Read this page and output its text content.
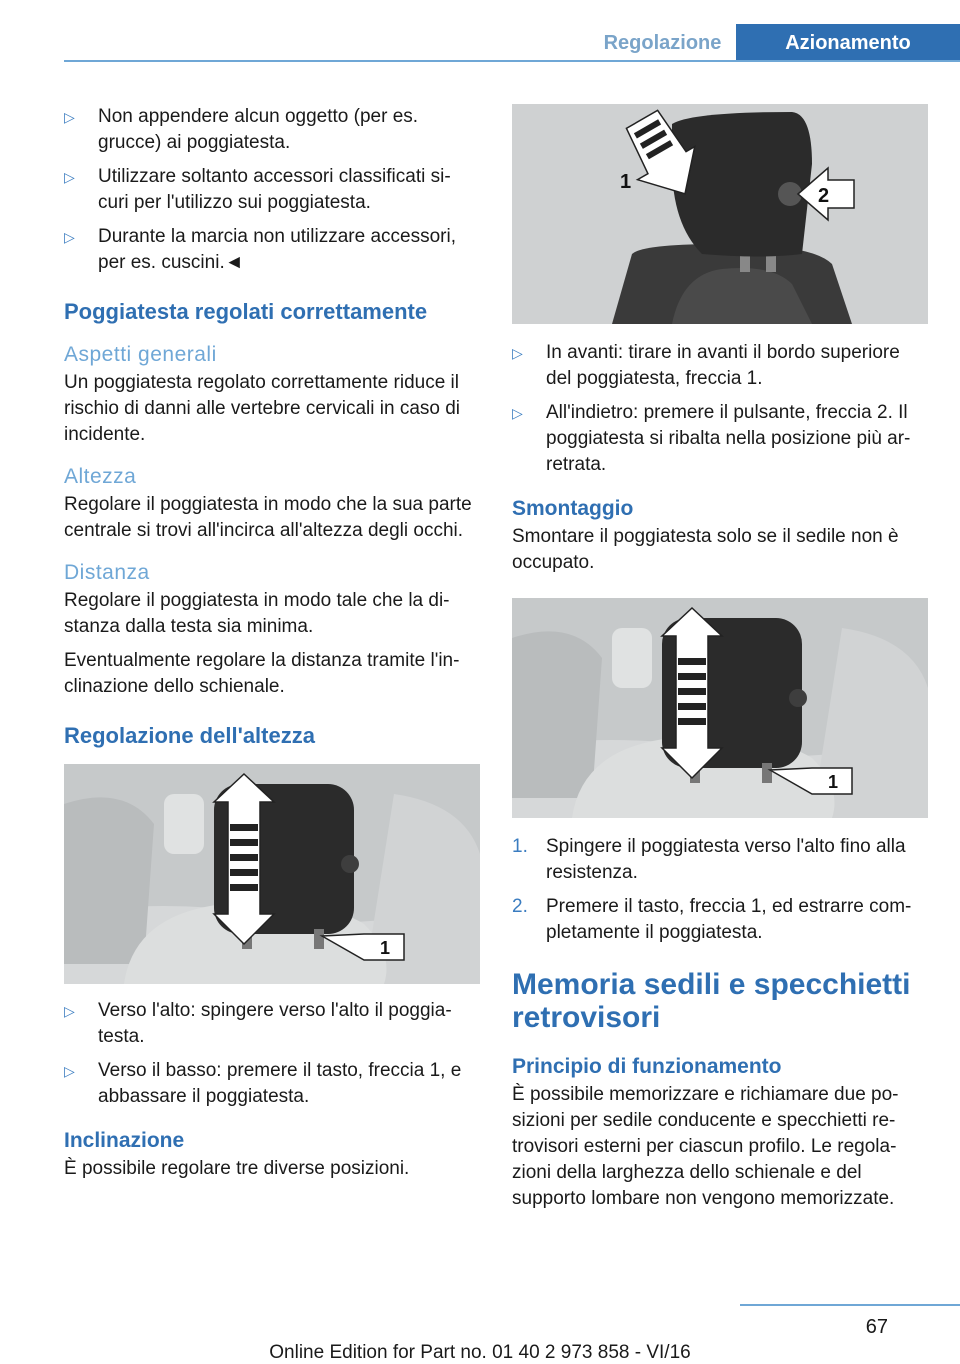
Regolazione	Azionamento
▷ Non appendere alcun oggetto (per es. grucce) ai poggiatesta.
▷ Utilizzare soltanto accessori classificati si-curi per l'utilizzo sui poggiatesta.
▷ Durante la marcia non utilizzare accessori, per es. cuscini.◄
Poggiatesta regolati correttamente
Aspetti generali

Un poggiatesta regolato correttamente riduce il rischio di danni alle vertebre cervicali in caso di incidente.

Altezza

Regolare il poggiatesta in modo che la sua parte centrale si trovi all'incirca all'altezza degli occhi.

Distanza

Regolare il poggiatesta in modo tale che la di-stanza dalla testa sia minima.

Eventualmente regolare la distanza tramite l'in-clinazione dello schienale.

Regolazione dell'altezza
1
▷ Verso l'alto: spingere verso l'alto il poggia-testa.
▷ Verso il basso: premere il tasto, freccia 1, e abbassare il poggiatesta.
Inclinazione

È possibile regolare tre diverse posizioni.

1
2
▷ In avanti: tirare in avanti il bordo superiore del poggiatesta, freccia 1.
▷ All'indietro: premere il pulsante, freccia 2. Il poggiatesta si ribalta nella posizione più ar-retrata.
Smontaggio

Smontare il poggiatesta solo se il sedile non è occupato.

1
1. Spingere il poggiatesta verso l'alto fino alla resistenza.
2. Premere il tasto, freccia 1, ed estrarre com-pletamente il poggiatesta.
Memoria sedili e specchietti retrovisori
Principio di funzionamento

È possibile memorizzare e richiamare due po-sizioni per sedile conducente e specchietti re-trovisori esterni per ciascun profilo. Le regola-zioni della larghezza dello schienale e del supporto lombare non vengono memorizzate.

67
Online Edition for Part no. 01 40 2 973 858 - VI/16
